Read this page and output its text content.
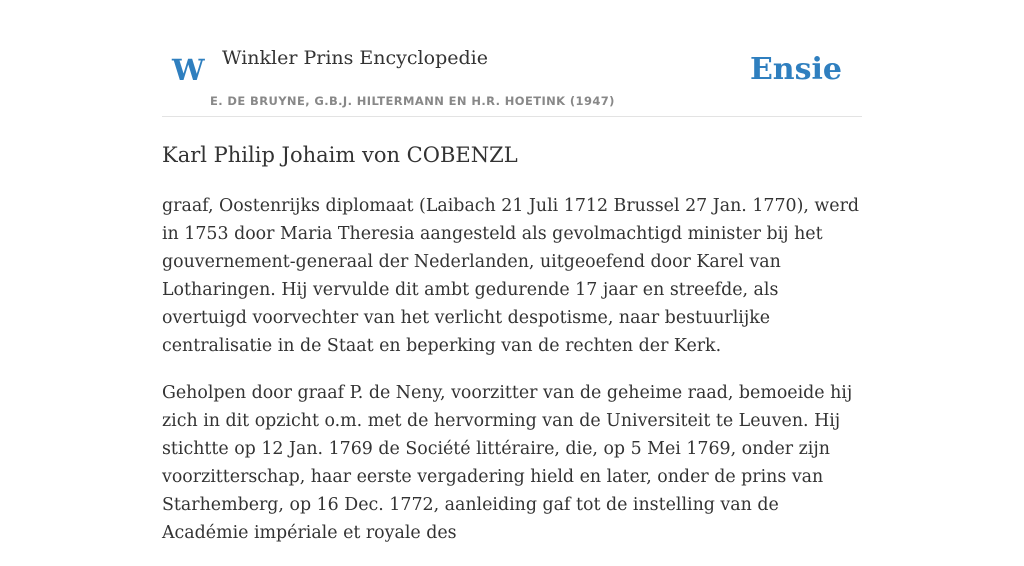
W Winkler Prins Encyclopedie
E. DE BRUYNE, G.B.J. HILTERMANN EN H.R. HOETINK (1947)
Ensie
Karl Philip Johaim von COBENZL

graaf, Oostenrijks diplomaat (Laibach 21 Juli 1712 Brussel 27 Jan. 1770), werd in 1753 door Maria Theresia aangesteld als gevolmachtigd minister bij het gouvernement-generaal der Nederlanden, uitgeoefend door Karel van Lotharingen. Hij vervulde dit ambt gedurende 17 jaar en streefde, als overtuigd voorvechter van het verlicht despotisme, naar bestuurlijke centralisatie in de Staat en beperking van de rechten der Kerk.

Geholpen door graaf P. de Neny, voorzitter van de geheime raad, bemoeide hij zich in dit opzicht o.m. met de hervorming van de Universiteit te Leuven. Hij stichtte op 12 Jan. 1769 de Société littéraire, die, op 5 Mei 1769, onder zijn voorzitterschap, haar eerste vergadering hield en later, onder de prins van Starhemberg, op 16 Dec. 1772, aanleiding gaf tot de instelling van de Académie impériale et royale des
